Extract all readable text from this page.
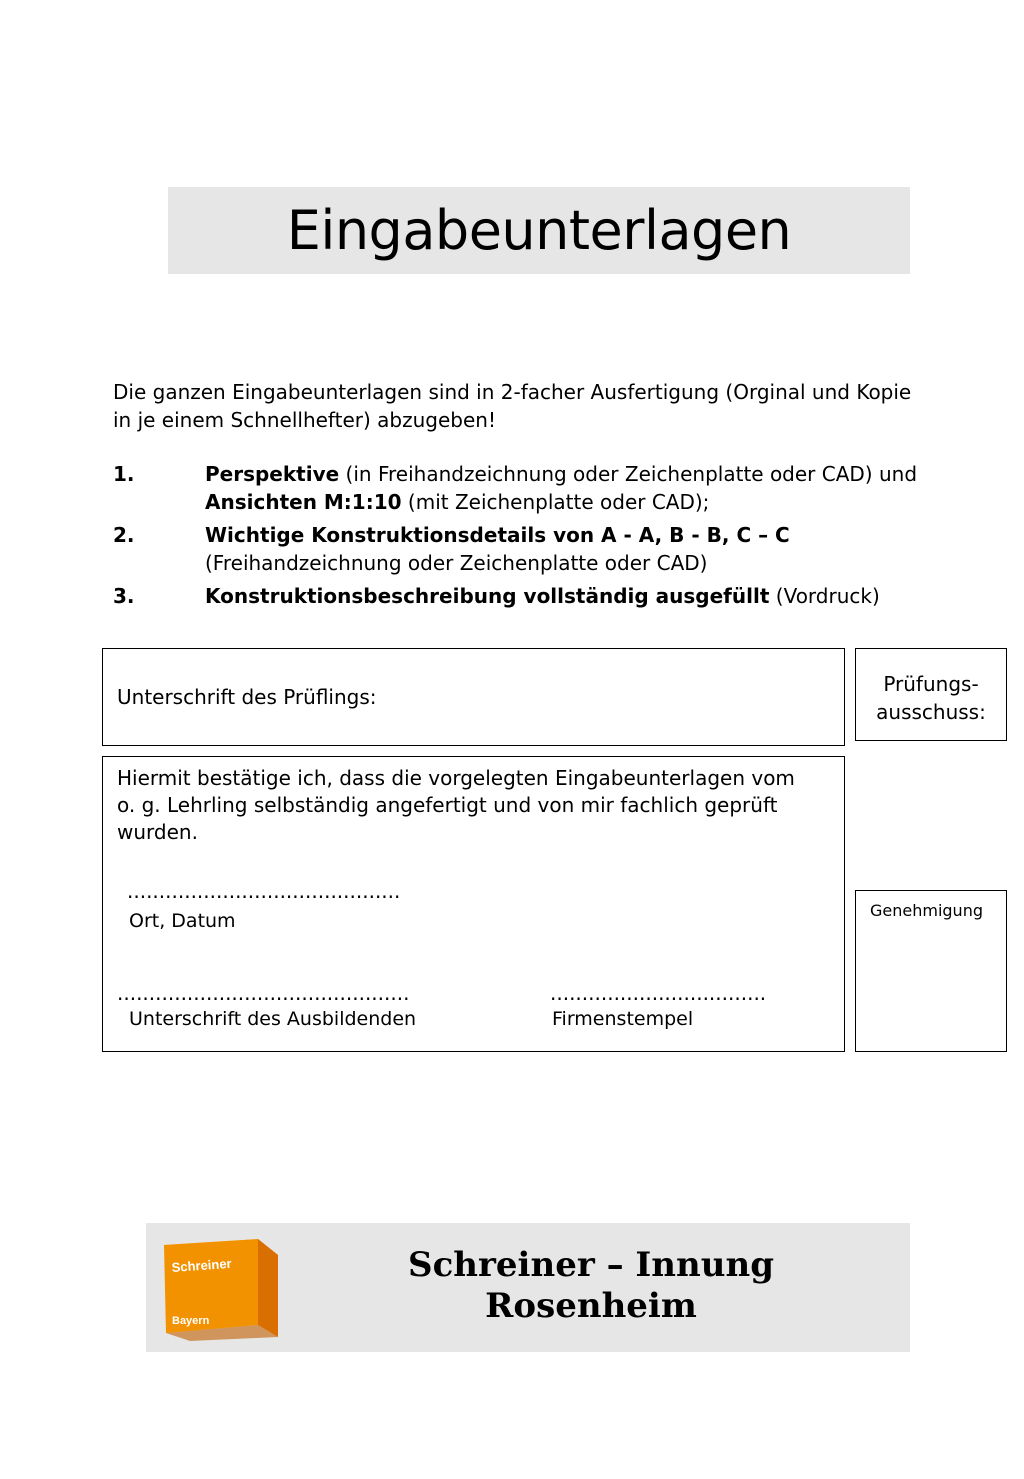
Eingabeunterlagen

Die ganzen Eingabeunterlagen sind in 2-facher Ausfertigung (Orginal und Kopie in je einem Schnellhefter) abzugeben!

1.	Perspektive (in Freihandzeichnung oder Zeichenplatte oder CAD) und
Ansichten M:1:10 (mit Zeichenplatte oder CAD);
2.	Wichtige Konstruktionsdetails von A - A, B - B, C – C
(Freihandzeichnung oder Zeichenplatte oder CAD)
3.	Konstruktionsbeschreibung vollständig ausgefüllt (Vordruck)
Unterschrift des Prüflings:
Prüfungs-
ausschuss:

Hiermit bestätige ich, dass die vorgelegten Eingabeunterlagen vom o. g. Lehrling selbständig angefertigt und von mir fachlich geprüft wurden.

...........................................
Ort, Datum
..............................................
Unterschrift des Ausbildenden
..................................
Firmenstempel
Genehmigung
Schreiner
Bayern
Schreiner – Innung
Rosenheim
